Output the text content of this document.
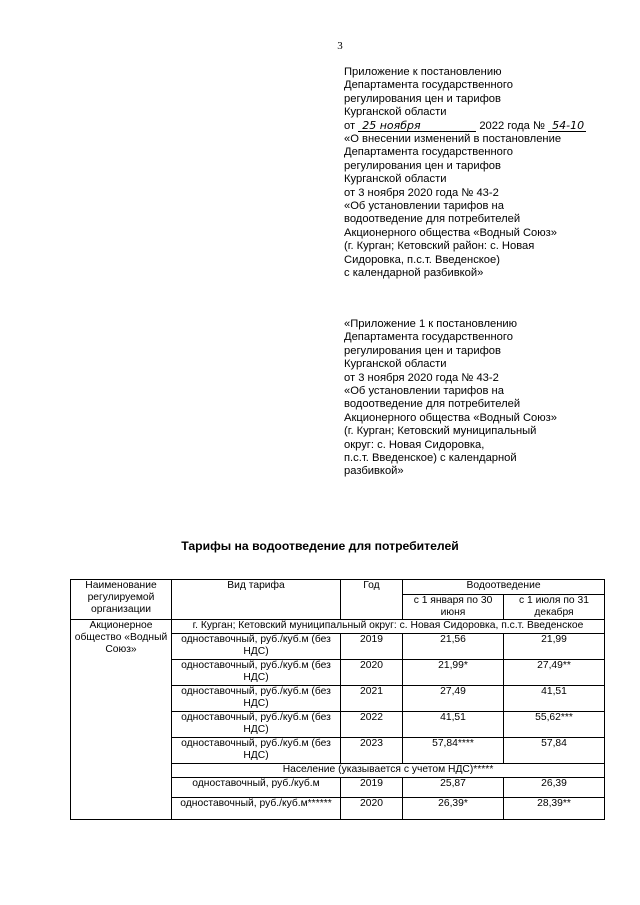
3
Приложение к постановлению
Департамента государственного
регулирования цен и тарифов
Курганской области
от 25 ноября	2022 года № 54-10
«О внесении изменений в постановление
Департамента государственного
регулирования цен и тарифов
Курганской области
от 3 ноября 2020 года № 43-2
«Об установлении тарифов на
водоотведение для потребителей
Акционерного общества «Водный Союз»
(г. Курган; Кетовский район: с. Новая
Сидоровка, п.с.т. Введенское)
с календарной разбивкой»
«Приложение 1 к постановлению
Департамента государственного
регулирования цен и тарифов
Курганской области
от 3 ноября 2020 года № 43-2
«Об установлении тарифов на
водоотведение для потребителей
Акционерного общества «Водный Союз»
(г. Курган; Кетовский муниципальный
округ: с. Новая Сидоровка,
п.с.т. Введенское) с календарной
разбивкой»
Тарифы на водоотведение для потребителей
Наименование регулируемой организации	Вид тарифа	Год	Водоотведение	
			с 1 января по 30 июня	с 1 июля по 31 декабря
Акционерное общество «Водный Союз»	г. Курган; Кетовский муниципальный округ: с. Новая Сидоровка, п.с.т. Введенское			
	одноставочный, руб./куб.м (без НДС)	2019	21,56	21,99
	одноставочный, руб./куб.м (без НДС)	2020	21,99*	27,49**
	одноставочный, руб./куб.м (без НДС)	2021	27,49	41,51
	одноставочный, руб./куб.м (без НДС)	2022	41,51	55,62***
	одноставочный, руб./куб.м (без НДС)	2023	57,84****	57,84
	Население (указывается с учетом НДС)*****			
	одноставочный, руб./куб.м	2019	25,87	26,39
	одноставочный, руб./куб.м******	2020	26,39*	28,39**
